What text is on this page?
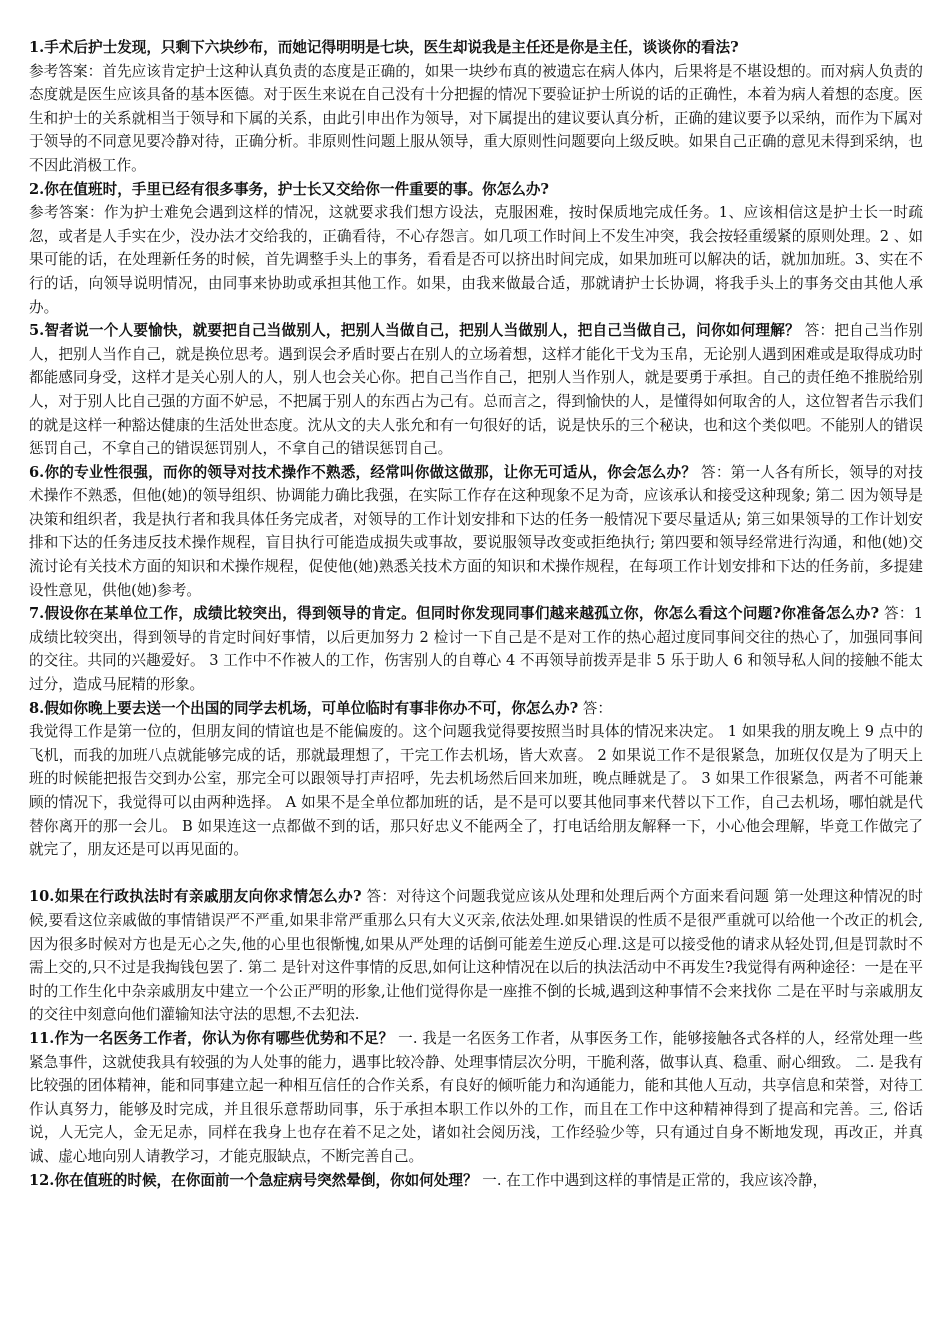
1.手术后护士发现，只剩下六块纱布，而她记得明明是七块，医生却说我是主任还是你是主任，谈谈你的看法?
参考答案：首先应该肯定护士这种认真负责的态度是正确的，如果一块纱布真的被遗忘在病人体内，后果将是不堪设想的。而对病人负责的态度就是医生应该具备的基本医德。对于医生来说在自己没有十分把握的情况下要验证护士所说的话的正确性，本着为病人着想的态度。医生和护士的关系就相当于领导和下属的关系，由此引申出作为领导，对下属提出的建议要认真分析，正确的建议要予以采纳，而作为下属对于领导的不同意见要冷静对待，正确分析。非原则性问题上服从领导，重大原则性问题要向上级反映。如果自己正确的意见未得到采纳，也不因此消极工作。

2.你在值班时，手里已经有很多事务，护士长又交给你一件重要的事。你怎么办?
参考答案：作为护士难免会遇到这样的情况，这就要求我们想方设法，克服困难，按时保质地完成任务。1、应该相信这是护士长一时疏忽，或者是人手实在少，没办法才交给我的，正确看待，不心存怨言。如几项工作时间上不发生冲突，我会按轻重缓紧的原则处理。2 、如果可能的话，在处理新任务的时候，首先调整手头上的事务，看看是否可以挤出时间完成，如果加班可以解决的话，就加加班。3、实在不行的话，向领导说明情况，由同事来协助或承担其他工作。如果，由我来做最合适，那就请护士长协调，将我手头上的事务交由其他人承办。

5.智者说一个人要愉快，就要把自己当做别人，把别人当做自己，把别人当做别人，把自己当做自己，问你如何理解？ 答：把自己当作别人，把别人当作自己，就是换位思考。遇到误会矛盾时要占在别人的立场着想，这样才能化干戈为玉帛，无论别人遇到困难或是取得成功时都能感同身受，这样才是关心别人的人，别人也会关心你。把自己当作自己，把别人当作别人，就是要勇于承担。自己的责任绝不推脱给别人，对于别人比自己强的方面不妒忌，不把属于别人的东西占为己有。总而言之，得到愉快的人，是懂得如何取舍的人，这位智者告示我们的就是这样一种豁达健康的生活处世态度。沈从文的夫人张允和有一句很好的话，说是快乐的三个秘诀，也和这个类似吧。不能别人的错误惩罚自己，不拿自己的错误惩罚别人，不拿自己的错误惩罚自己。

6.你的专业性很强，而你的领导对技术操作不熟悉，经常叫你做这做那，让你无可适从，你会怎么办？ 答：第一人各有所长，领导的对技术操作不熟悉，但他(她)的领导组织、协调能力确比我强，在实际工作存在这种现象不足为奇，应该承认和接受这种现象; 第二 因为领导是决策和组织者，我是执行者和我具体任务完成者，对领导的工作计划安排和下达的任务一般情况下要尽量适从; 第三如果领导的工作计划安排和下达的任务违反技术操作规程，盲目执行可能造成损失或事故，要说服领导改变或拒绝执行; 第四要和领导经常进行沟通，和他(她)交流讨论有关技术方面的知识和术操作规程，促使他(她)熟悉关技术方面的知识和术操作规程，在每项工作计划安排和下达的任务前，多提建设性意见，供他(她)参考。

7.假设你在某单位工作，成绩比较突出，得到领导的肯定。但同时你发现同事们越来越孤立你，你怎么看这个问题?你准备怎么办? 答：1 成绩比较突出，得到领导的肯定时间好事情，以后更加努力 2 检讨一下自己是不是对工作的热心超过度同事间交往的热心了，加强同事间的交往。共同的兴趣爱好。 3 工作中不作被人的工作，伤害别人的自尊心 4 不再领导前拨弄是非 5 乐于助人 6 和领导私人间的接触不能太过分，造成马屁精的形象。

8.假如你晚上要去送一个出国的同学去机场，可单位临时有事非你办不可，你怎么办? 答：
我觉得工作是第一位的，但朋友间的情谊也是不能偏废的。这个问题我觉得要按照当时具体的情况来决定。 1 如果我的朋友晚上 9 点中的飞机，而我的加班八点就能够完成的话，那就最理想了，干完工作去机场，皆大欢喜。 2 如果说工作不是很紧急，加班仅仅是为了明天上班的时候能把报告交到办公室，那完全可以跟领导打声招呼，先去机场然后回来加班，晚点睡就是了。 3 如果工作很紧急，两者不可能兼顾的情况下，我觉得可以由两种选择。 A 如果不是全单位都加班的话，是不是可以要其他同事来代替以下工作，自己去机场，哪怕就是代替你离开的那一会儿。 B 如果连这一点都做不到的话，那只好忠义不能两全了，打电话给朋友解释一下，小心他会理解，毕竟工作做完了就完了，朋友还是可以再见面的。

10.如果在行政执法时有亲戚朋友向你求情怎么办? 答：对待这个问题我觉应该从处理和处理后两个方面来看问题 第一处理这种情况的时候,要看这位亲戚做的事情错误严不严重,如果非常严重那么只有大义灭亲,依法处理.如果错误的性质不是很严重就可以给他一个改正的机会,因为很多时候对方也是无心之失,他的心里也很惭愧,如果从严处理的话倒可能差生逆反心理.这是可以接受他的请求从轻处罚,但是罚款时不需上交的,只不过是我掏钱包罢了. 第二 是针对这件事情的反思,如何让这种情况在以后的执法活动中不再发生?我觉得有两种途径：一是在平时的工作生化中杂亲戚朋友中建立一个公正严明的形象,让他们觉得你是一座推不倒的长城,遇到这种事情不会来找你 二是在平时与亲戚朋友的交往中刻意向他们灌输知法守法的思想,不去犯法.

11.作为一名医务工作者，你认为你有哪些优势和不足？ 一. 我是一名医务工作者，从事医务工作，能够接触各式各样的人，经常处理一些紧急事件，这就使我具有较强的为人处事的能力，遇事比较冷静、处理事情层次分明，干脆利落，做事认真、稳重、耐心细致。 二. 是我有比较强的团体精神，能和同事建立起一种相互信任的合作关系，有良好的倾听能力和沟通能力，能和其他人互动，共享信息和荣誉，对待工作认真努力，能够及时完成，并且很乐意帮助同事，乐于承担本职工作以外的工作，而且在工作中这种精神得到了提高和完善。三, 俗话说，人无完人，金无足赤，同样在我身上也存在着不足之处，诸如社会阅历浅，工作经验少等，只有通过自身不断地发现，再改正，并真诚、虚心地向别人请教学习，才能克服缺点，不断完善自己。

12.你在值班的时候，在你面前一个急症病号突然晕倒，你如何处理？ 一. 在工作中遇到这样的事情是正常的，我应该冷静，
